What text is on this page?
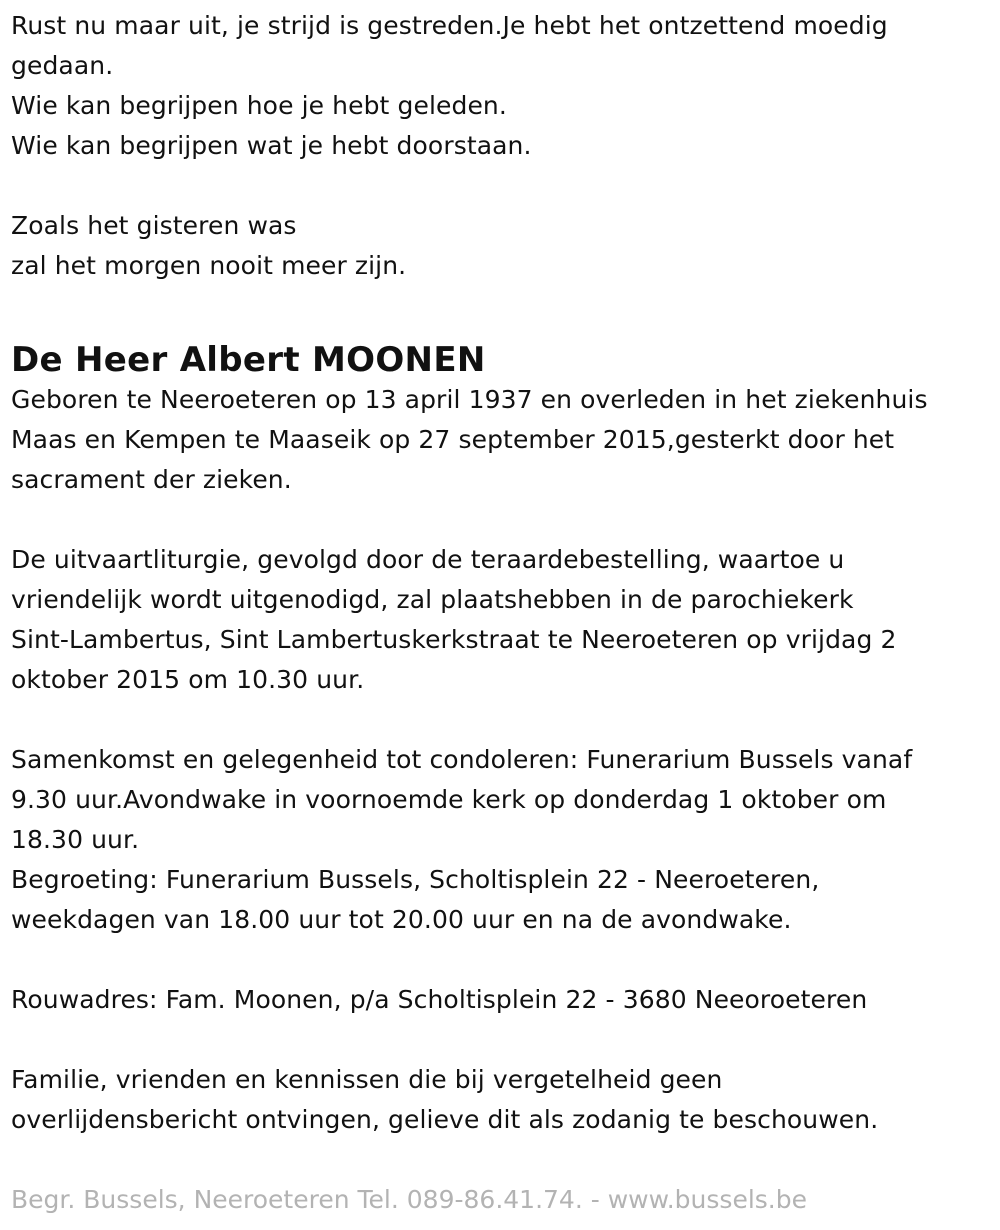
Rust nu maar uit, je strijd is gestreden.Je hebt het ontzettend moedig
gedaan.
Wie kan begrijpen hoe je hebt geleden.
Wie kan begrijpen wat je hebt doorstaan.
Zoals het gisteren was
zal het morgen nooit meer zijn.
De Heer Albert MOONEN
Geboren te Neeroeteren op 13 april 1937 en overleden in het ziekenhuis
Maas en Kempen te Maaseik op 27 september 2015,gesterkt door het
sacrament der zieken.
De uitvaartliturgie, gevolgd door de teraardebestelling, waartoe u
vriendelijk wordt uitgenodigd, zal plaatshebben in de parochiekerk
Sint-Lambertus, Sint Lambertuskerkstraat te Neeroeteren op vrijdag 2
oktober 2015 om 10.30 uur.
Samenkomst en gelegenheid tot condoleren: Funerarium Bussels vanaf
9.30 uur.Avondwake in voornoemde kerk op donderdag 1 oktober om
18.30 uur.
Begroeting: Funerarium Bussels, Scholtisplein 22 - Neeroeteren,
weekdagen van 18.00 uur tot 20.00 uur en na de avondwake.
Rouwadres: Fam. Moonen, p/a Scholtisplein 22 - 3680 Neeoroeteren
Familie, vrienden en kennissen die bij vergetelheid geen
overlijdensbericht ontvingen, gelieve dit als zodanig te beschouwen.
Begr. Bussels, Neeroeteren Tel. 089-86.41.74. - www.bussels.be
